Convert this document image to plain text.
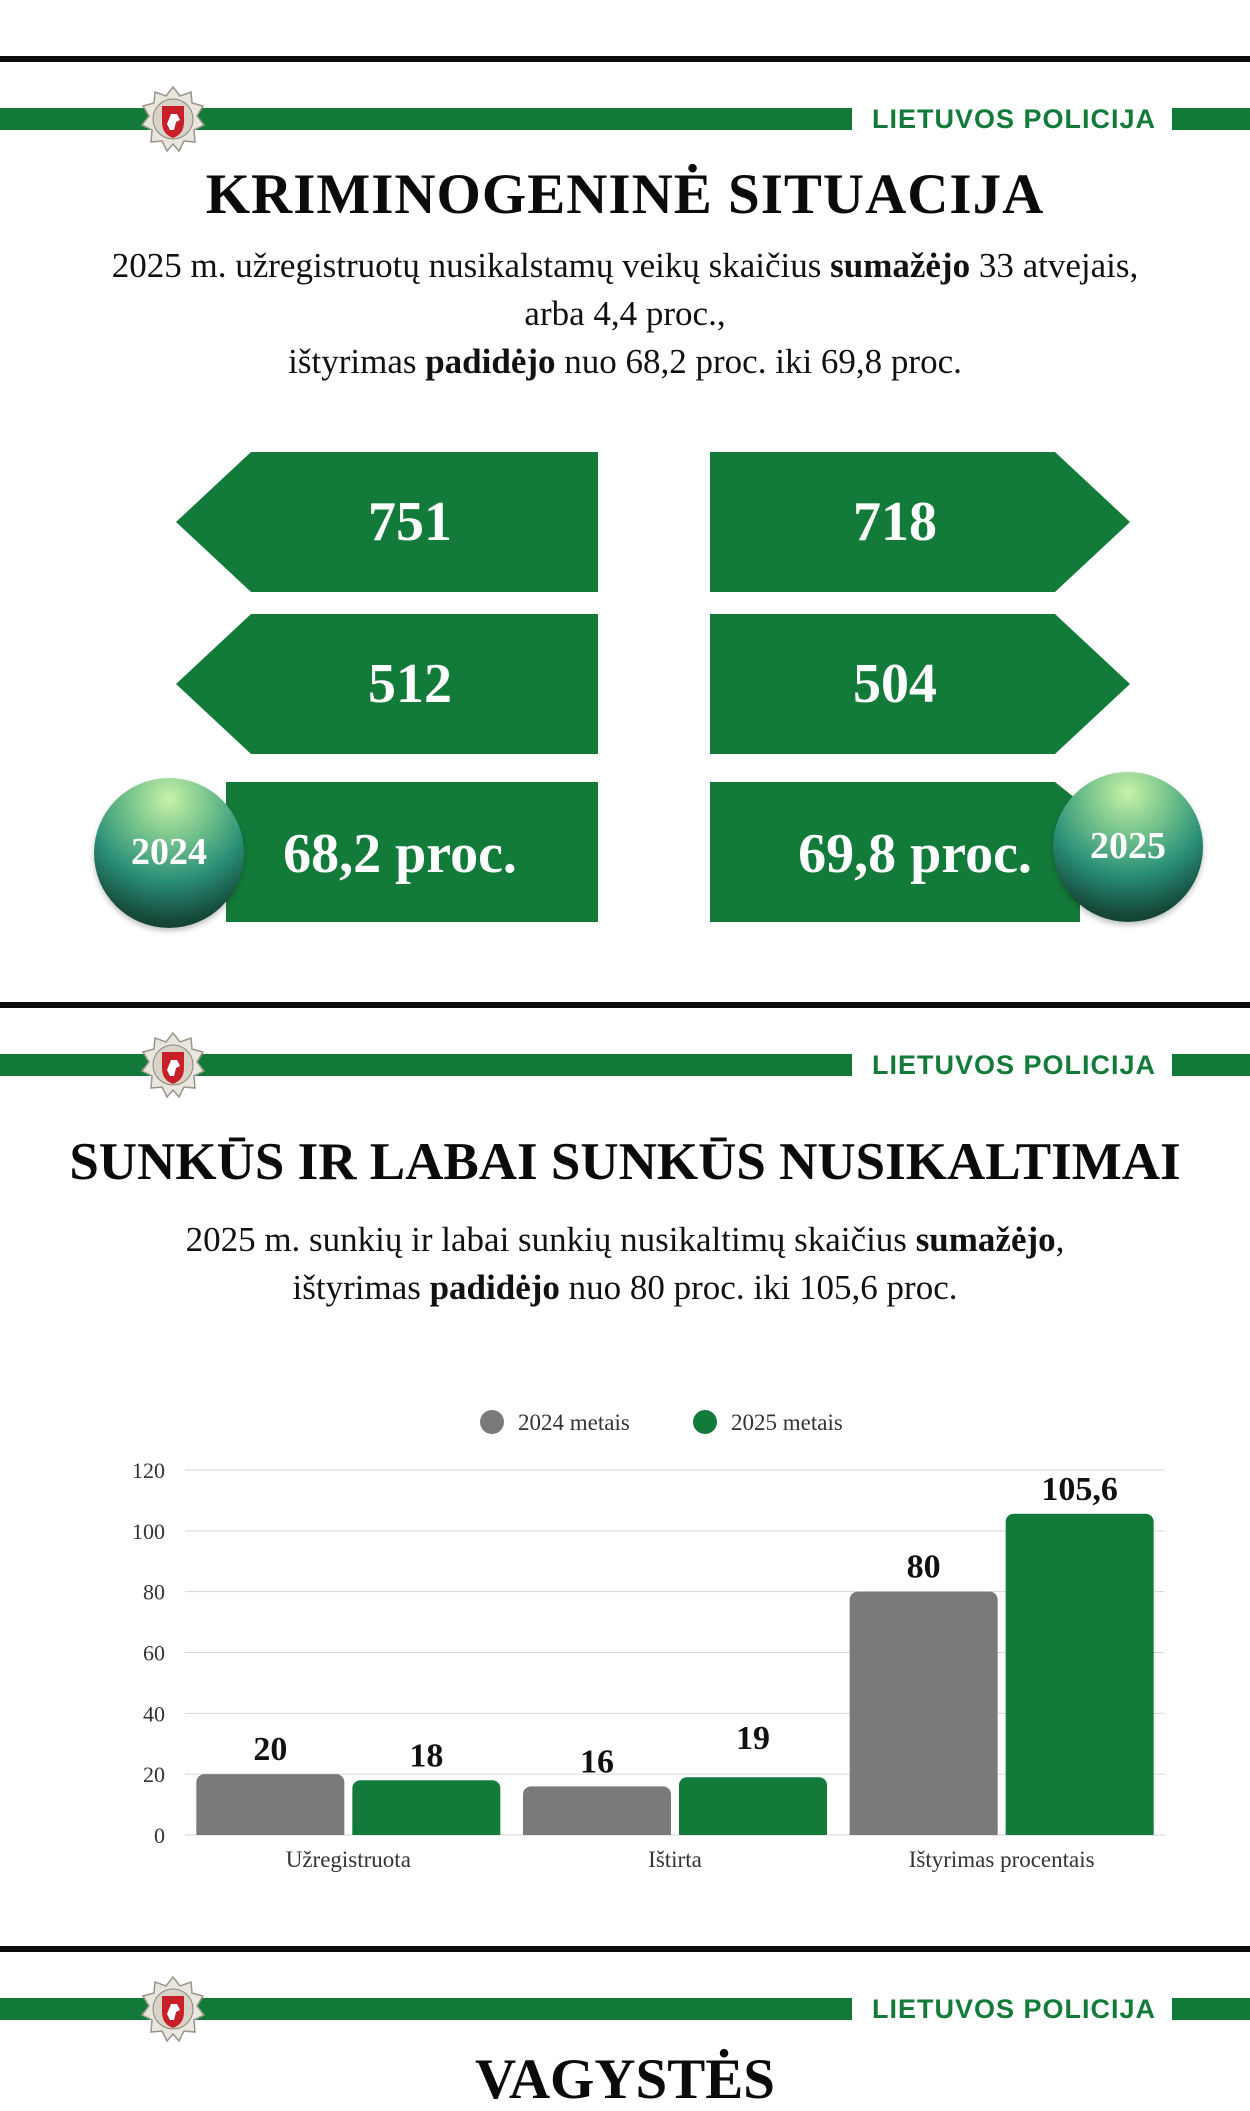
LIETUVOS POLICIJA
KRIMINOGENINĖ SITUACIJA
2025 m. užregistruotų nusikalstamų veikų skaičius sumažėjo 33 atvejais,
arba 4,4 proc.,
ištyrimas padidėjo nuo 68,2 proc. iki 69,8 proc.
751
512
68,2 proc.
718
504
69,8 proc.
2024	2025
LIETUVOS POLICIJA
SUNKŪS IR LABAI SUNKŪS NUSIKALTIMAI
2025 m. sunkių ir labai sunkių nusikaltimų skaičius sumažėjo,
ištyrimas padidėjo nuo 80 proc. iki 105,6 proc.
0
20
40
60
80
100
120
2024 metais	2025 metais
20	18
Užregistruota
16
19
Ištirta
80
105,6
Ištyrimas procentais
LIETUVOS POLICIJA
VAGYSTĖS
